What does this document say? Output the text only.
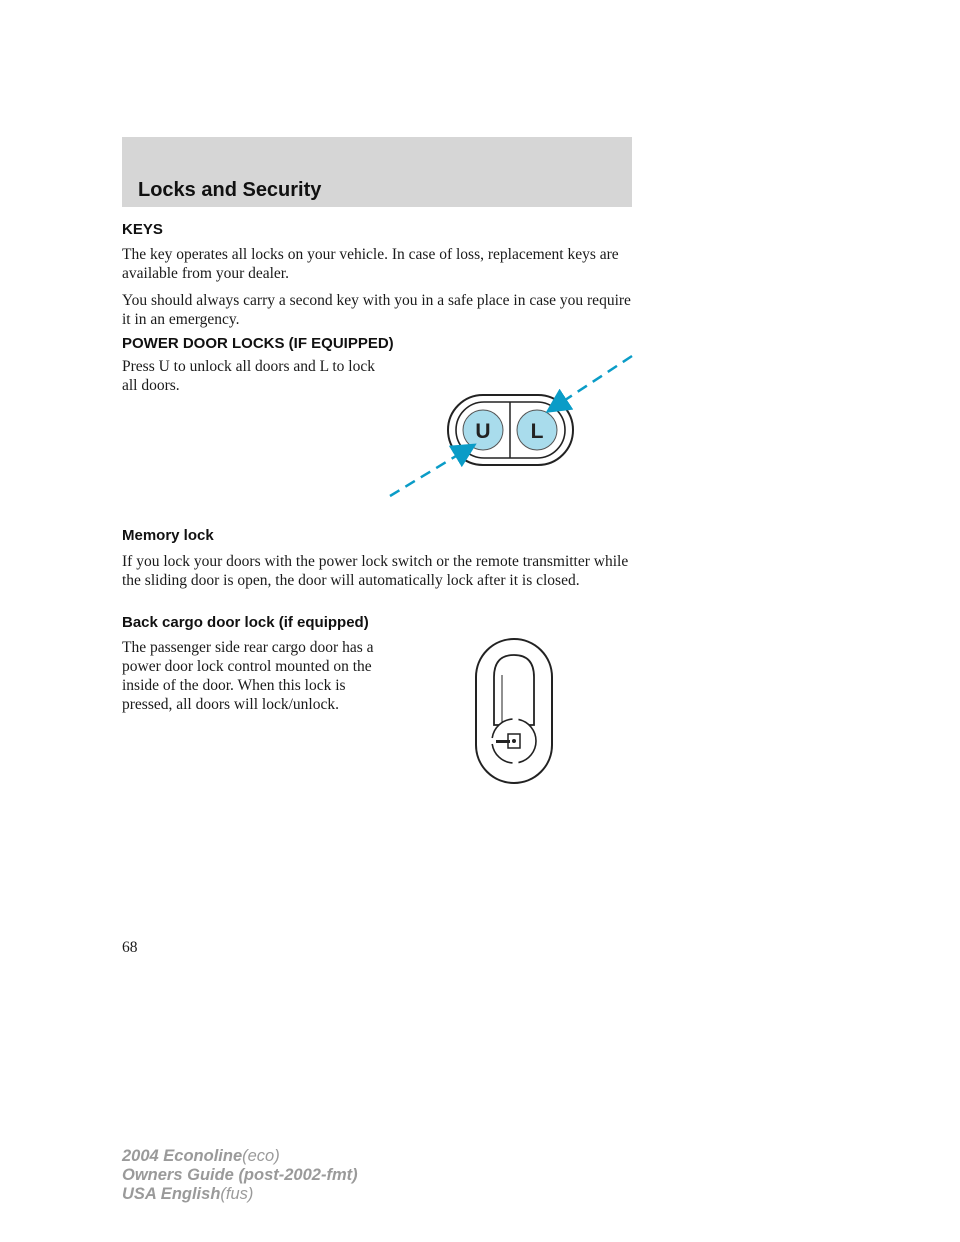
Locks and Security
KEYS

The key operates all locks on your vehicle. In case of loss, replacement keys are available from your dealer.

You should always carry a second key with you in a safe place in case you require it in an emergency.

POWER DOOR LOCKS (IF EQUIPPED)

Press U to unlock all doors and L to lock all doors.

U L
Memory lock

If you lock your doors with the power lock switch or the remote transmitter while the sliding door is open, the door will automatically lock after it is closed.

Back cargo door lock (if equipped)

The passenger side rear cargo door has a power door lock control mounted on the inside of the door. When this lock is pressed, all doors will lock/unlock.

68

2004 Econoline(eco)
Owners Guide (post-2002-fmt)
USA English(fus)
